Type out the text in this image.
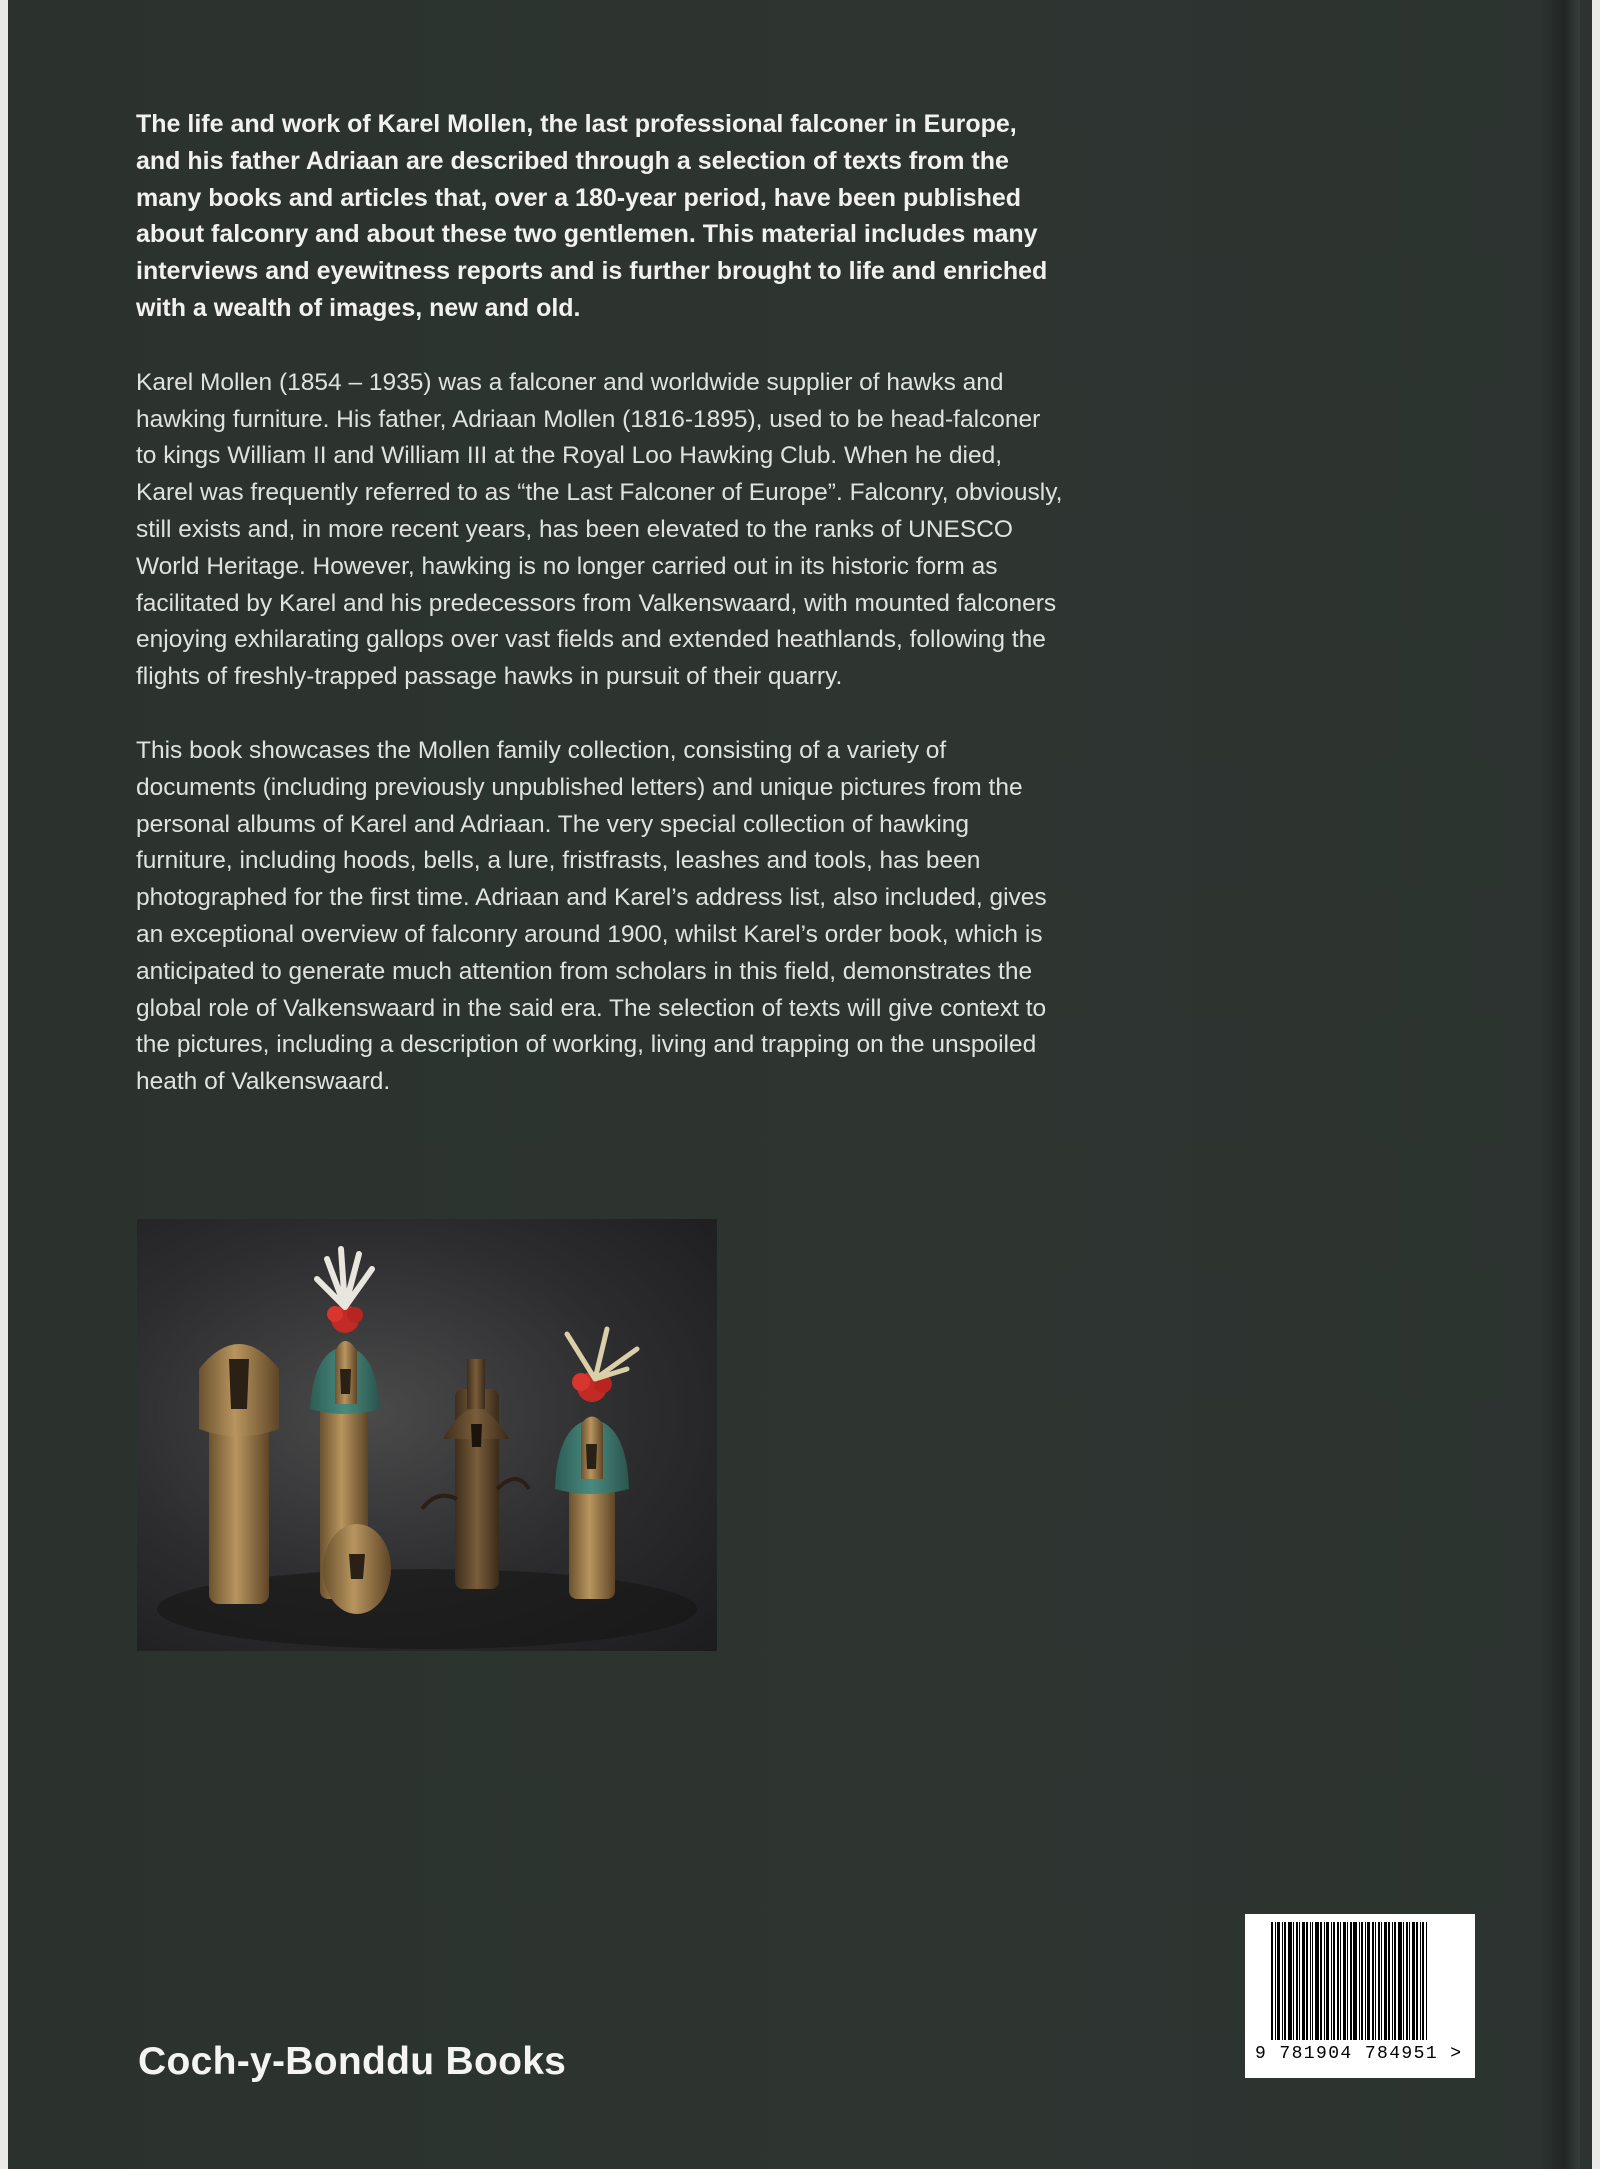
The life and work of Karel Mollen, the last professional falconer in Europe, and his father Adriaan are described through a selection of texts from the many books and articles that, over a 180-year period, have been published about falconry and about these two gentlemen. This material includes many interviews and eyewitness reports and is further brought to life and enriched with a wealth of images, new and old.

Karel Mollen (1854 – 1935) was a falconer and worldwide supplier of hawks and hawking furniture. His father, Adriaan Mollen (1816-1895), used to be head-falconer to kings William II and William III at the Royal Loo Hawking Club. When he died, Karel was frequently referred to as “the Last Falconer of Europe”. Falconry, obviously, still exists and, in more recent years, has been elevated to the ranks of UNESCO World Heritage. However, hawking is no longer carried out in its historic form as facilitated by Karel and his predecessors from Valkenswaard, with mounted falconers enjoying exhilarating gallops over vast fields and extended heathlands, following the flights of freshly-trapped passage hawks in pursuit of their quarry.

This book showcases the Mollen family collection, consisting of a variety of documents (including previously unpublished letters) and unique pictures from the personal albums of Karel and Adriaan. The very special collection of hawking furniture, including hoods, bells, a lure, fristfrasts, leashes and tools, has been photographed for the first time. Adriaan and Karel’s address list, also included, gives an exceptional overview of falconry around 1900, whilst Karel’s order book, which is anticipated to generate much attention from scholars in this field, demonstrates the global role of Valkenswaard in the said era. The selection of texts will give context to the pictures, including a description of working, living and trapping on the unspoiled heath of Valkenswaard.

Coch-y-Bonddu Books	9 781904 784951 >
